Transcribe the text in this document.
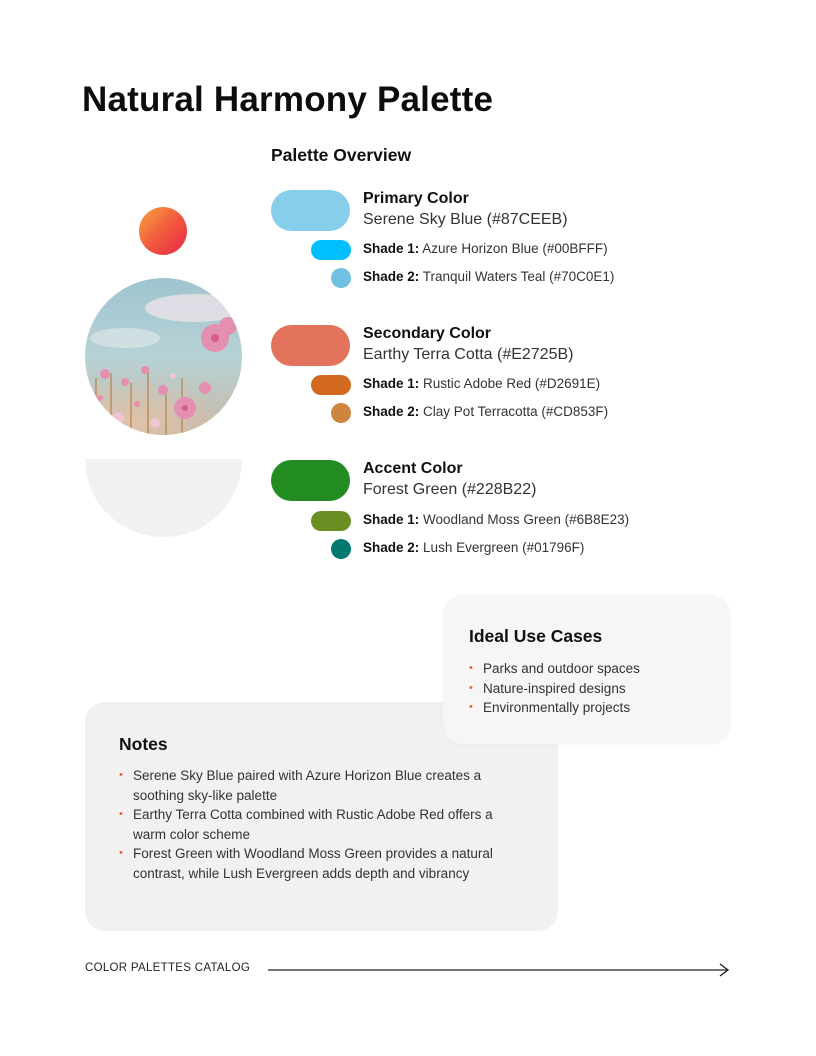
Natural Harmony Palette
Palette Overview
Primary Color
Serene Sky Blue (#87CEEB)
Shade 1: Azure Horizon Blue (#00BFFF)
Shade 2: Tranquil Waters Teal (#70C0E1)
Secondary Color
Earthy Terra Cotta (#E2725B)
Shade 1: Rustic Adobe Red (#D2691E)
Shade 2: Clay Pot Terracotta (#CD853F)
Accent Color
Forest Green (#228B22)
Shade 1: Woodland Moss Green (#6B8E23)
Shade 2: Lush Evergreen (#01796F)
Notes
• Serene Sky Blue paired with Azure Horizon Blue creates a soothing sky-like palette
• Earthy Terra Cotta combined with Rustic Adobe Red offers a warm color scheme
• Forest Green with Woodland Moss Green provides a natural contrast, while Lush Evergreen adds depth and vibrancy
Ideal Use Cases
• Parks and outdoor spaces
• Nature-inspired designs
• Environmentally projects
COLOR PALETTES CATALOG
